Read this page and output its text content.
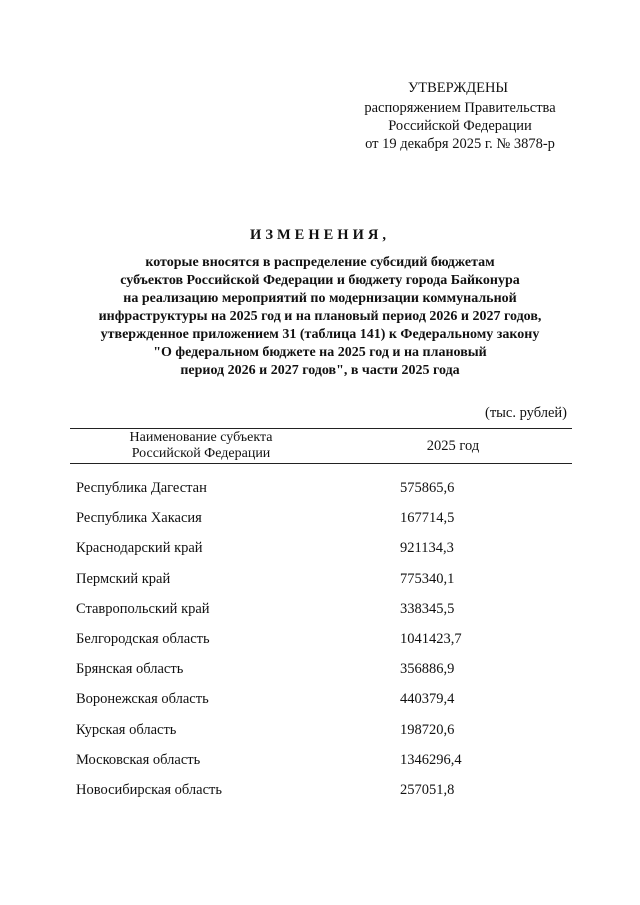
УТВЕРЖДЕНЫ
распоряжением Правительства
Российской Федерации
от 19 декабря 2025 г. № 3878-р
ИЗМЕНЕНИЯ,
которые вносятся в распределение субсидий бюджетам
субъектов Российской Федерации и бюджету города Байконура
на реализацию мероприятий по модернизации коммунальной
инфраструктуры на 2025 год и на плановый период 2026 и 2027 годов,
утвержденное приложением 31 (таблица 141) к Федеральному закону
"О федеральном бюджете на 2025 год и на плановый
период 2026 и 2027 годов", в части 2025 года
(тыс. рублей)
Наименование субъекта
Российской Федерации	2025 год
Республика Дагестан	575865,6
Республика Хакасия	167714,5
Краснодарский край	921134,3
Пермский край	775340,1
Ставропольский край	338345,5
Белгородская область	1041423,7
Брянская область	356886,9
Воронежская область	440379,4
Курская область	198720,6
Московская область	1346296,4
Новосибирская область	257051,8
